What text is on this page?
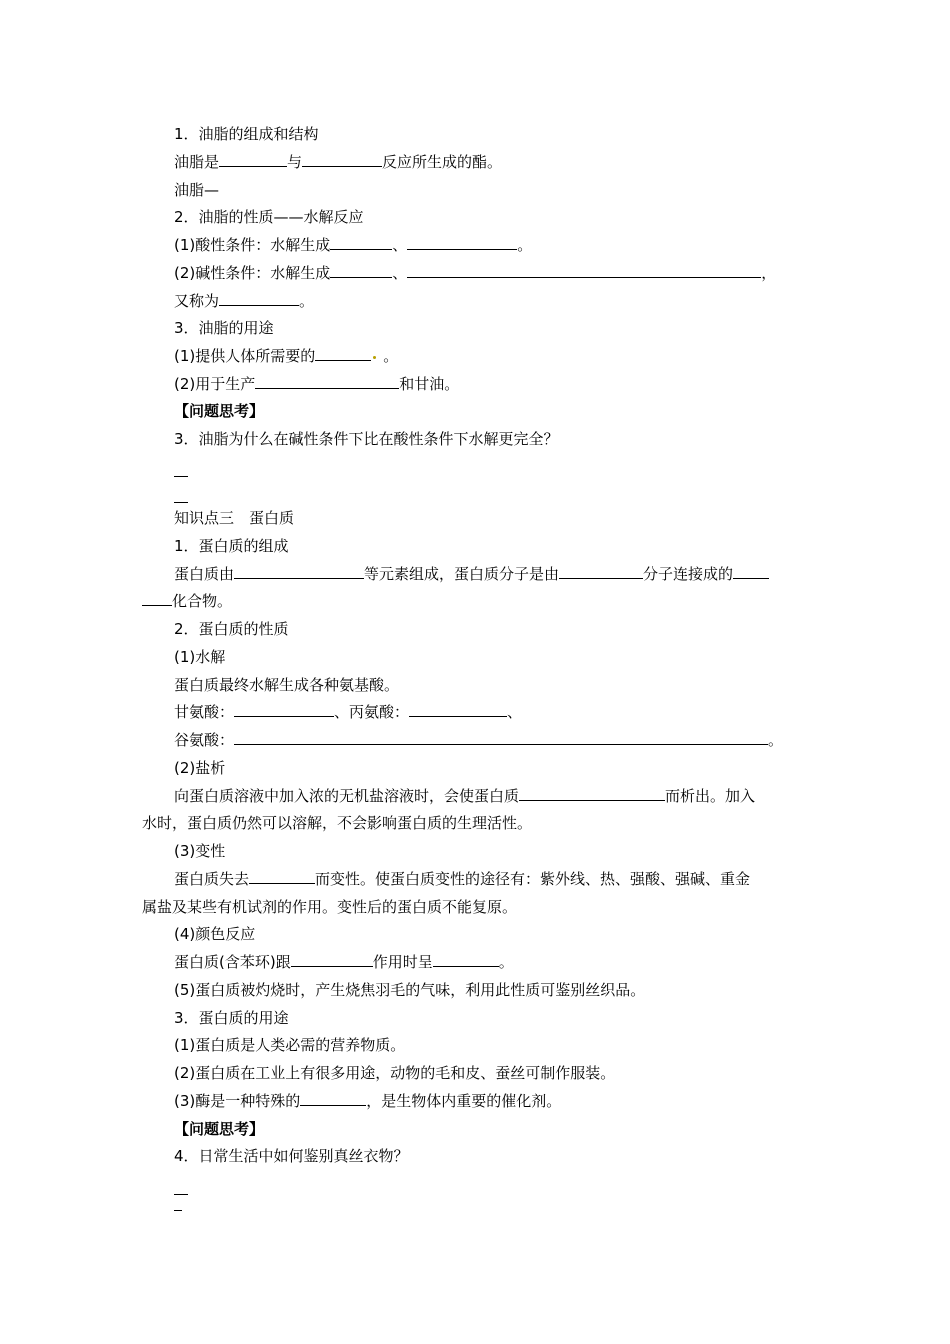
1．油脂的组成和结构
油脂是	与	反应所生成的酯。
油脂—
2．油脂的性质——水解反应
(1)酸性条件：水解生成	、	。
(2)碱性条件：水解生成	、	，
又称为	。
3．油脂的用途
(1)提供人体所需要的	。
(2)用于生产	和甘油。
【问题思考】
3．油脂为什么在碱性条件下比在酸性条件下水解更完全？
知识点三　蛋白质
1．蛋白质的组成
蛋白质由	等元素组成，蛋白质分子是由	分子连接成的
化合物。
2．蛋白质的性质
(1)水解
蛋白质最终水解生成各种氨基酸。
甘氨酸：	、丙氨酸：	、
谷氨酸：	。
(2)盐析
向蛋白质溶液中加入浓的无机盐溶液时，会使蛋白质	而析出。加入
水时，蛋白质仍然可以溶解，不会影响蛋白质的生理活性。
(3)变性
蛋白质失去	而变性。使蛋白质变性的途径有：紫外线、热、强酸、强碱、重金
属盐及某些有机试剂的作用。变性后的蛋白质不能复原。
(4)颜色反应
蛋白质(含苯环)跟	作用时呈	。
(5)蛋白质被灼烧时，产生烧焦羽毛的气味，利用此性质可鉴别丝织品。
3．蛋白质的用途
(1)蛋白质是人类必需的营养物质。
(2)蛋白质在工业上有很多用途，动物的毛和皮、蚕丝可制作服装。
(3)酶是一种特殊的	，是生物体内重要的催化剂。
【问题思考】
4．日常生活中如何鉴别真丝衣物？
